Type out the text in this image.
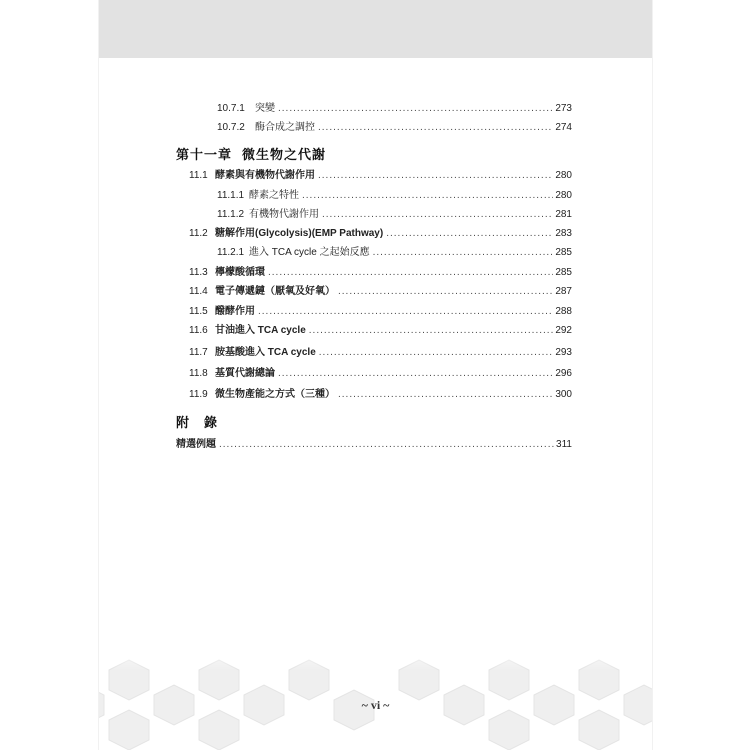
10.7.1	突變 .....	273
10.7.2	酶合成之調控 .....	274
第十一章 微生物之代謝
11.1 酵素與有機物代謝作用 .....	280
11.1.1 酵素之特性 .....	280
11.1.2 有機物代謝作用 .....	281
11.2 糖解作用(Glycolysis)(EMP Pathway) .....	283
11.2.1 進入 TCA cycle 之起始反應 .....	285
11.3 檸檬酸循環 .....	285
11.4 電子傳遞鏈（厭氧及好氧） .....	287
11.5 醱酵作用 .....	288
11.6 甘油進入 TCA cycle .....	292
11.7 胺基酸進入 TCA cycle .....	293
11.8 基質代謝總論 .....	296
11.9 微生物產能之方式（三種） .....	300
附　錄
精選例題 .....	311
~ vi ~
